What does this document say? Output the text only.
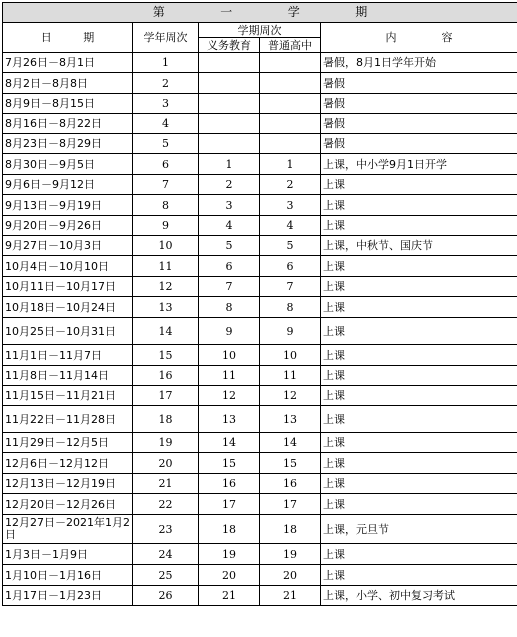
第 一 学 期				

日 期	学年周次	学期周次		内 容

		义务教育	普通高中	
7月26日－8月1日	1			暑假，8月1日学年开始
8月2日－8月8日	2			暑假
8月9日－8月15日	3			暑假
8月16日－8月22日	4			暑假
8月23日－8月29日	5			暑假
8月30日－9月5日	6	1	1	上课，中小学9月1日开学
9月6日－9月12日	7	2	2	上课
9月13日－9月19日	8	3	3	上课
9月20日－9月26日	9	4	4	上课
9月27日－10月3日	10	5	5	上课，中秋节、国庆节
10月4日－10月10日	11	6	6	上课
10月11日－10月17日	12	7	7	上课
10月18日－10月24日	13	8	8	上课
10月25日－10月31日	14	9	9	上课
11月1日－11月7日	15	10	10	上课
11月8日－11月14日	16	11	11	上课
11月15日－11月21日	17	12	12	上课
11月22日－11月28日	18	13	13	上课
11月29日－12月5日	19	14	14	上课
12月6日－12月12日	20	15	15	上课
12月13日－12月19日	21	16	16	上课
12月20日－12月26日	22	17	17	上课
12月27日－2021年1月2日	23	18	18	上课，元旦节
1月3日－1月9日	24	19	19	上课
1月10日－1月16日	25	20	20	上课
1月17日－1月23日	26	21	21	上课，小学、初中复习考试
